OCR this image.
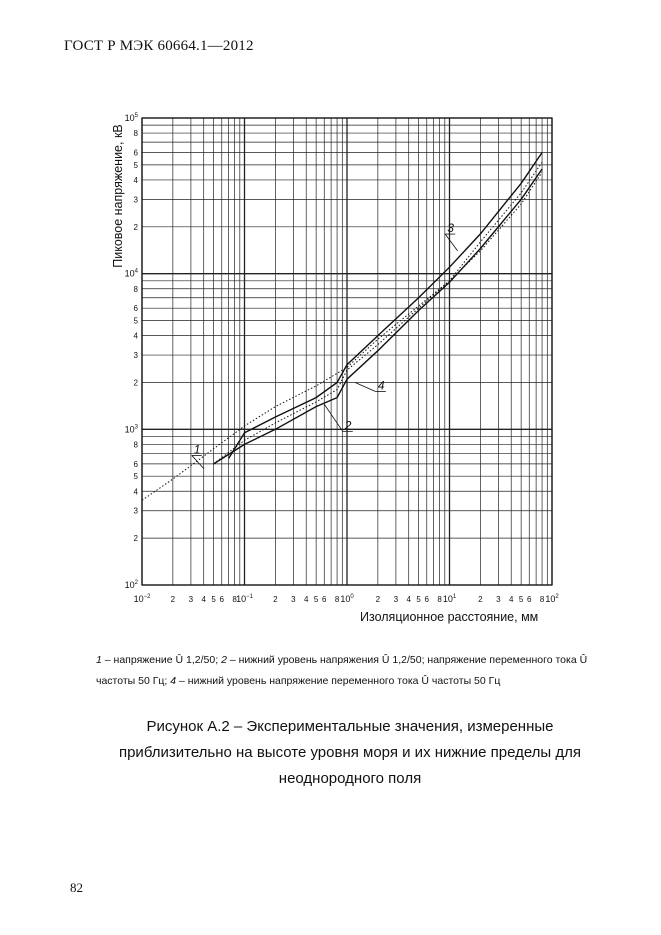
ГОСТ Р МЭК 60664.1—2012
Пиковое напряжение, кВ
$10^{-2}$	2 3 4 5 6 8 $10^{-1}$	2 3 4 5 6 8 $10^0$	2 3 4 5 6 8 $10^1$	2 3 4 5 6 8 $10^2$
$10^2$
2
3
4
5
6
8
$10^3$
2
3
4
5
6
8
$10^4$
2
3
4
5
6
8
$10^5$
1
2
3
4
Изоляционное расстояние, мм

1 – напряжение Û 1,2/50; 2 – нижний уровень напряжения Û 1,2/50; напряжение переменного тока Û частоты 50 Гц; 4 – нижний уровень напряжение переменного тока Û частоты 50 Гц

Рисунок А.2 – Экспериментальные значения, измеренные
приблизительно на высоте уровня моря и их нижние пределы для
неоднородного поля
82
